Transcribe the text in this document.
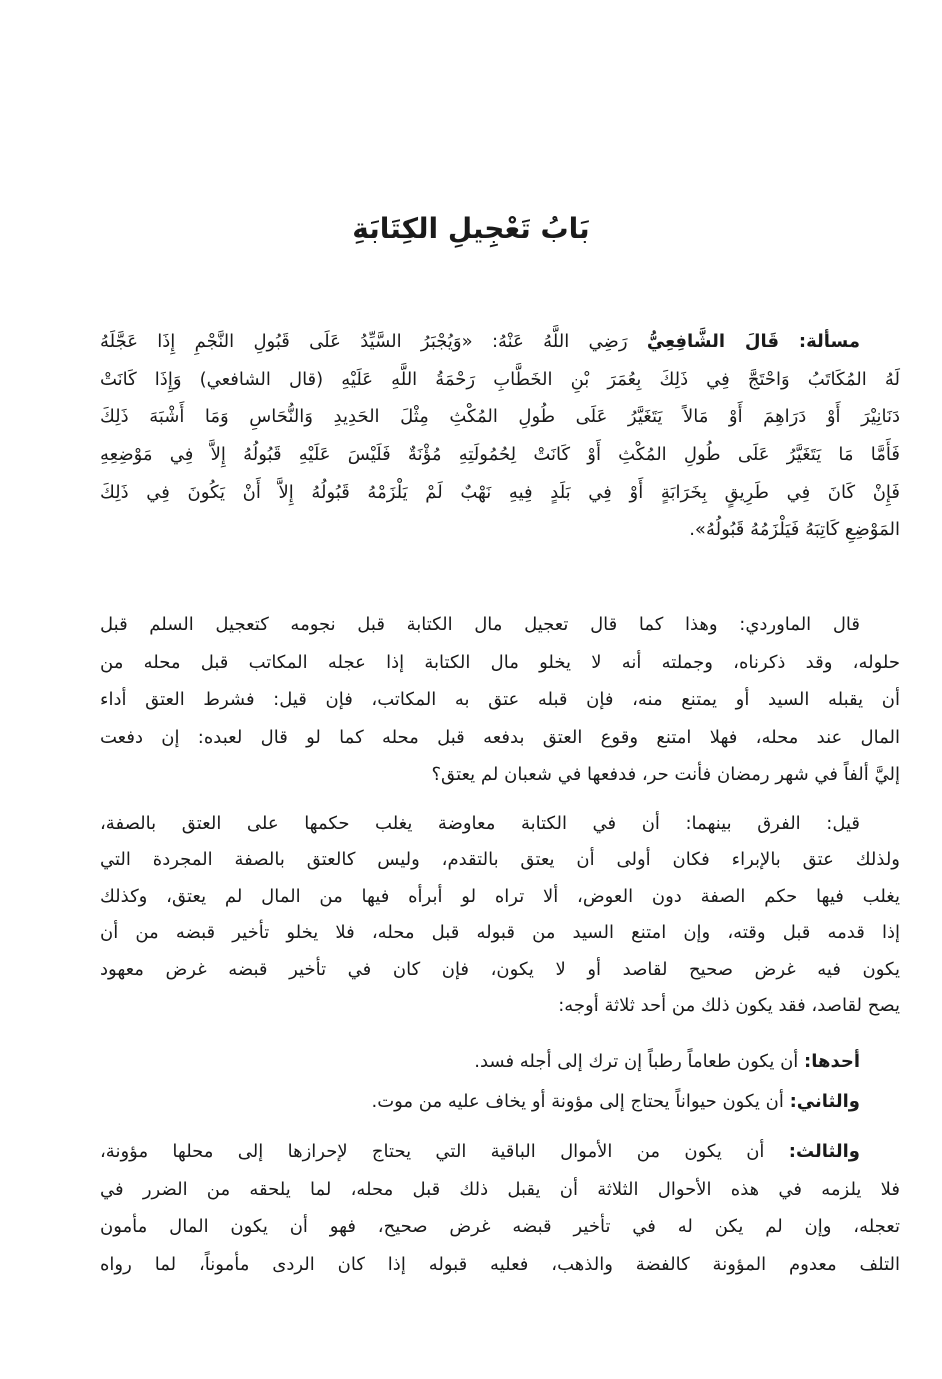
بَابُ تَعْجِيلِ الكِتَابَةِ
مسألة: قَالَ الشَّافِعِيُّ رَضِي اللَّهُ عَنْهُ: «وَيُجْبَرُ السَّيِّدُ عَلَى قَبُولِ النَّجْمِ إِذَا عَجَّلَهُ
لَهُ المُكَاتَبُ وَاحْتَجَّ فِي ذَلِكَ بِعُمَرَ بْنِ الخَطَّابِ رَحْمَةُ اللَّهِ عَلَيْهِ (قال الشافعي) وَإِذَا كَانَتْ
دَنَانِيْرَ أَوْ دَرَاهِمَ أَوْ مَالاً يَتَغَيَّرُ عَلَى طُولِ المُكْثِ مِثْلَ الحَدِيدِ وَالنُّحَاسِ وَمَا أَشْبَهَ ذَلِكَ
فَأَمَّا مَا يَتَغَيَّرُ عَلَى طُولِ المُكْثِ أَوْ كَانَتْ لِحُمُولَتِهِ مُؤْنَةٌ فَلَيْسَ عَلَيْهِ قَبُولُهُ إِلاَّ فِي مَوْضِعِهِ
فَإِنْ كَانَ فِي طَرِيقٍ بِخَرَابَةٍ أَوْ فِي بَلَدٍ فِيهِ نَهْبٌ لَمْ يَلْزَمْهُ قَبُولُهُ إِلاَّ أَنْ يَكُونَ فِي ذَلِكَ
المَوْضِعِ كَاتِبَهُ فَيَلْزَمُهُ قَبُولُهُ».
قال الماوردي: وهذا كما قال تعجيل مال الكتابة قبل نجومه كتعجيل السلم قبل
حلوله، وقد ذكرناه، وجملته أنه لا يخلو مال الكتابة إذا عجله المكاتب قبل محله من
أن يقبله السيد أو يمتنع منه، فإن قبله عتق به المكاتب، فإن قيل: فشرط العتق أداء
المال عند محله، فهلا امتنع وقوع العتق بدفعه قبل محله كما لو قال لعبده: إن دفعت
إليَّ ألفاً في شهر رمضان فأنت حر، فدفعها في شعبان لم يعتق؟
قيل: الفرق بينهما: أن في الكتابة معاوضة يغلب حكمها على العتق بالصفة،
ولذلك عتق بالإبراء فكان أولى أن يعتق بالتقدم، وليس كالعتق بالصفة المجردة التي
يغلب فيها حكم الصفة دون العوض، ألا تراه لو أبرأه فيها من المال لم يعتق، وكذلك
إذا قدمه قبل وقته، وإن امتنع السيد من قبوله قبل محله، فلا يخلو تأخير قبضه من أن
يكون فيه غرض صحيح لقاصد أو لا يكون، فإن كان في تأخير قبضه غرض معهود
يصح لقاصد، فقد يكون ذلك من أحد ثلاثة أوجه:
أحدها: أن يكون طعاماً رطباً إن ترك إلى أجله فسد.
والثاني: أن يكون حيواناً يحتاج إلى مؤونة أو يخاف عليه من موت.
والثالث: أن يكون من الأموال الباقية التي يحتاج لإحرازها إلى محلها مؤونة،
فلا يلزمه في هذه الأحوال الثلاثة أن يقبل ذلك قبل محله، لما يلحقه من الضرر في
تعجله، وإن لم يكن له في تأخير قبضه غرض صحيح، فهو أن يكون المال مأمون
التلف معدوم المؤونة كالفضة والذهب، فعليه قبوله إذا كان الردى مأموناً، لما رواه
